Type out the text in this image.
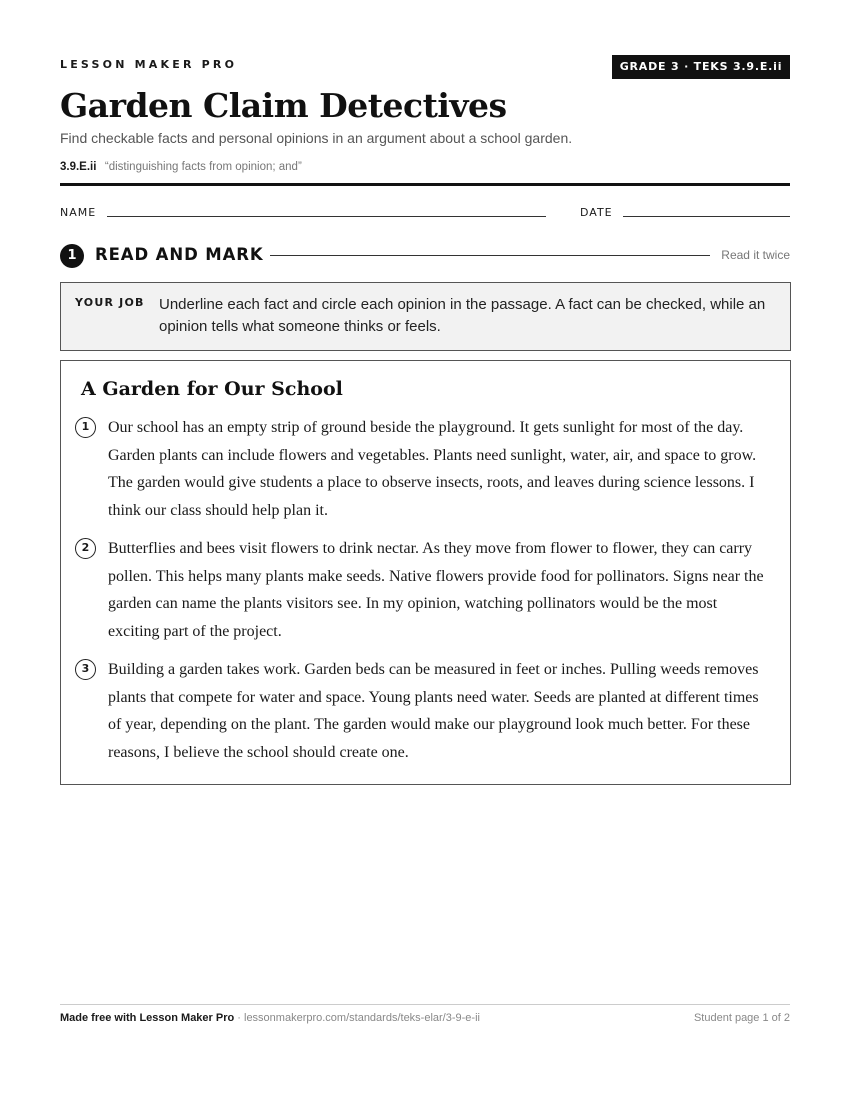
LESSON MAKER PRO	GRADE 3 · TEKS 3.9.E.ii
Garden Claim Detectives
Find checkable facts and personal opinions in an argument about a school garden.
3.9.E.ii “distinguishing facts from opinion; and”
NAME	DATE
1	READ AND MARK	Read it twice
YOUR JOB Underline each fact and circle each opinion in the passage. A fact can be checked, while an opinion tells what someone thinks or feels.
A Garden for Our School
1	Our school has an empty strip of ground beside the playground. It gets sunlight for most of the day. Garden plants can include flowers and vegetables. Plants need sunlight, water, air, and space to grow. The garden would give students a place to observe insects, roots, and leaves during science lessons. I think our class should help plan it.
2	Butterflies and bees visit flowers to drink nectar. As they move from flower to flower, they can carry pollen. This helps many plants make seeds. Native flowers provide food for pollinators. Signs near the garden can name the plants visitors see. In my opinion, watching pollinators would be the most exciting part of the project.
3	Building a garden takes work. Garden beds can be measured in feet or inches. Pulling weeds removes plants that compete for water and space. Young plants need water. Seeds are planted at different times of year, depending on the plant. The garden would make our playground look much better. For these reasons, I believe the school should create one.
Made free with Lesson Maker Pro · lessonmakerpro.com/standards/teks-elar/3-9-e-ii	Student page 1 of 2
